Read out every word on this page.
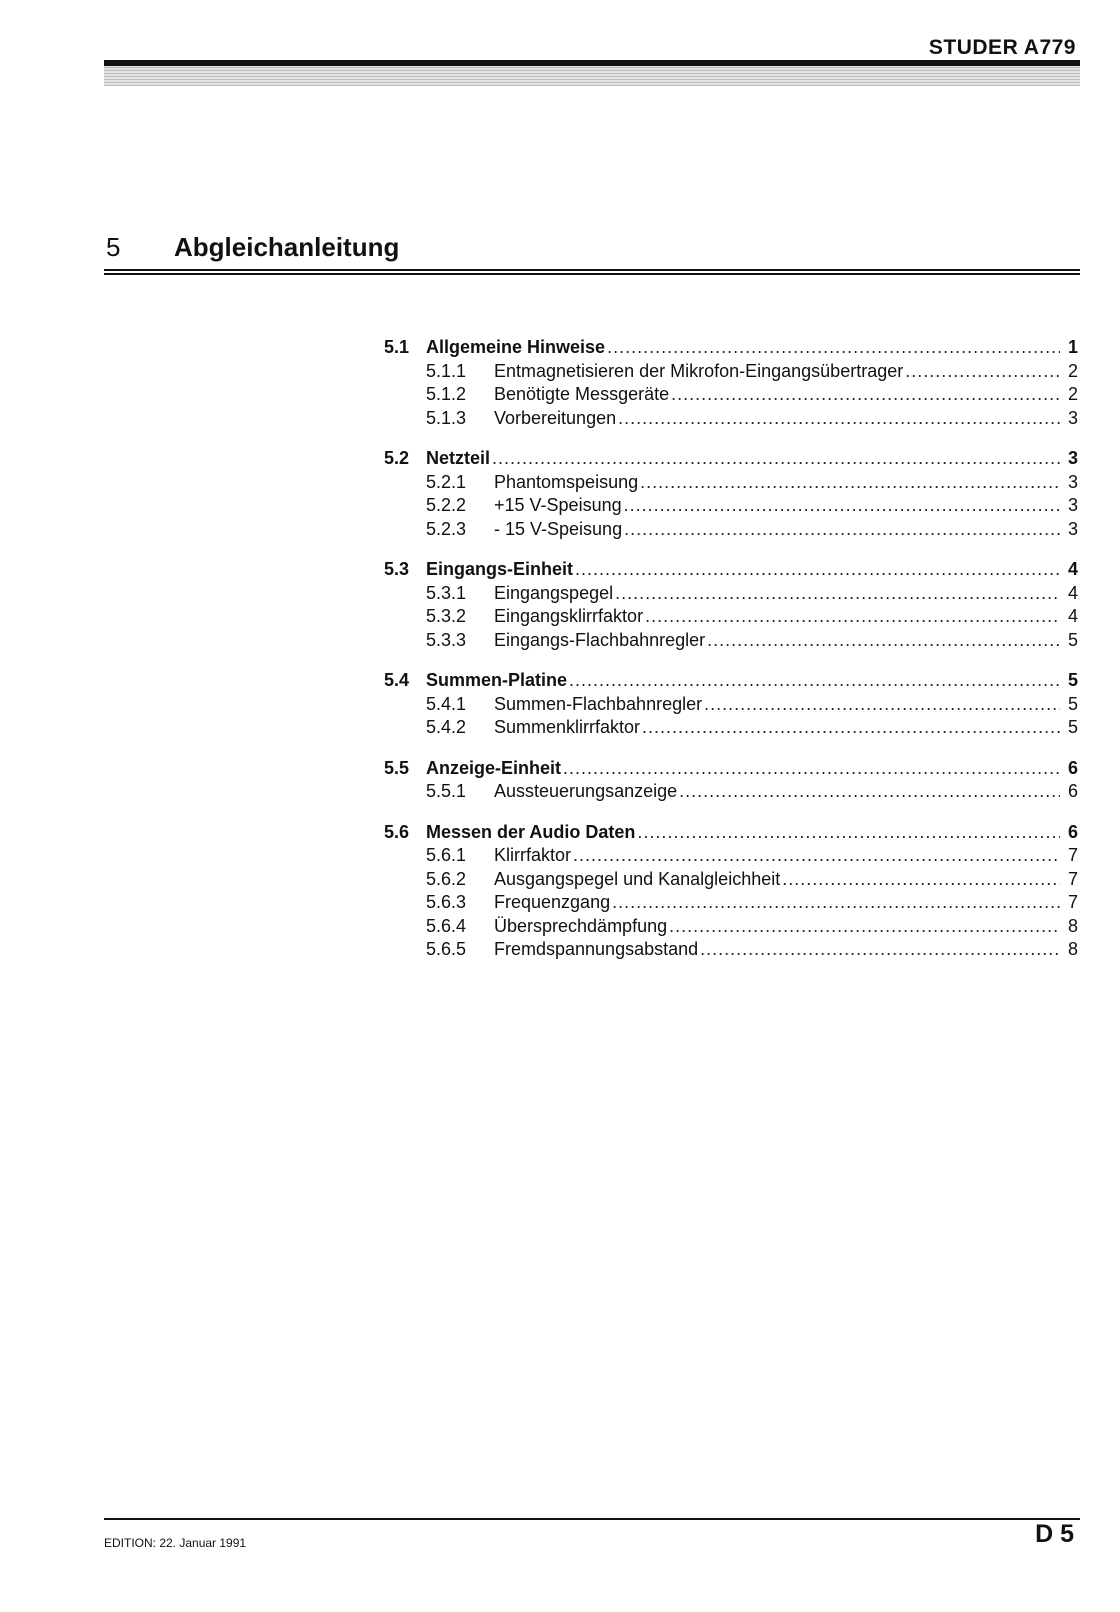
STUDER A779
5 Abgleichanleitung
5.1 Allgemeine Hinweise .....	1
5.1.1	Entmagnetisieren der Mikrofon-Eingangsübertrager .....	2
5.1.2	Benötigte Messgeräte .....	2
5.1.3	Vorbereitungen .....	3
5.2 Netzteil .....	3
5.2.1	Phantomspeisung .....	3
5.2.2	+15 V-Speisung .....	3
5.2.3	- 15 V-Speisung .....	3
5.3 Eingangs-Einheit .....	4
5.3.1	Eingangspegel .....	4
5.3.2	Eingangsklirrfaktor .....	4
5.3.3	Eingangs-Flachbahnregler .....	5
5.4 Summen-Platine .....	5
5.4.1	Summen-Flachbahnregler .....	5
5.4.2	Summenklirrfaktor .....	5
5.5 Anzeige-Einheit .....	6
5.5.1	Aussteuerungsanzeige .....	6
5.6 Messen der Audio Daten .....	6
5.6.1	Klirrfaktor .....	7
5.6.2	Ausgangspegel und Kanalgleichheit .....	7
5.6.3	Frequenzgang .....	7
5.6.4	Übersprechdämpfung .....	8
5.6.5	Fremdspannungsabstand .....	8
EDITION: 22. Januar 1991	D 5
